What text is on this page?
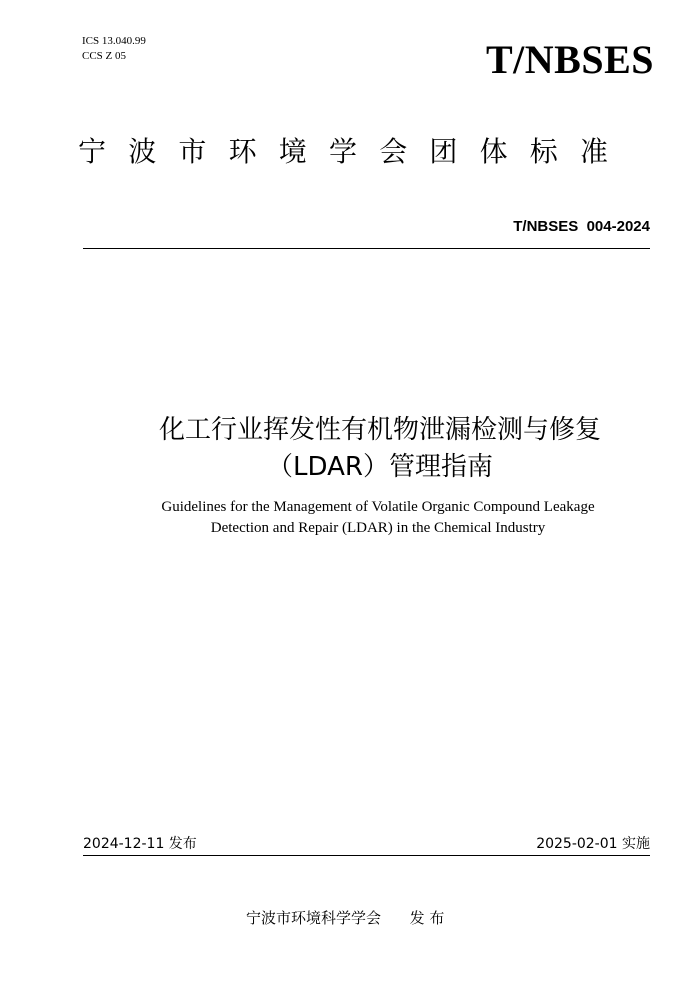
ICS 13.040.99
CCS Z 05	T/NBSES
宁波市环境学会团体标准
T/NBSES  004-2024
化工行业挥发性有机物泄漏检测与修复
（LDAR）管理指南
Guidelines for the Management of Volatile Organic Compound Leakage
Detection and Repair (LDAR) in the Chemical Industry
2024-12-11 发布	2025-02-01 实施
宁波市环境科学学会      发 布
